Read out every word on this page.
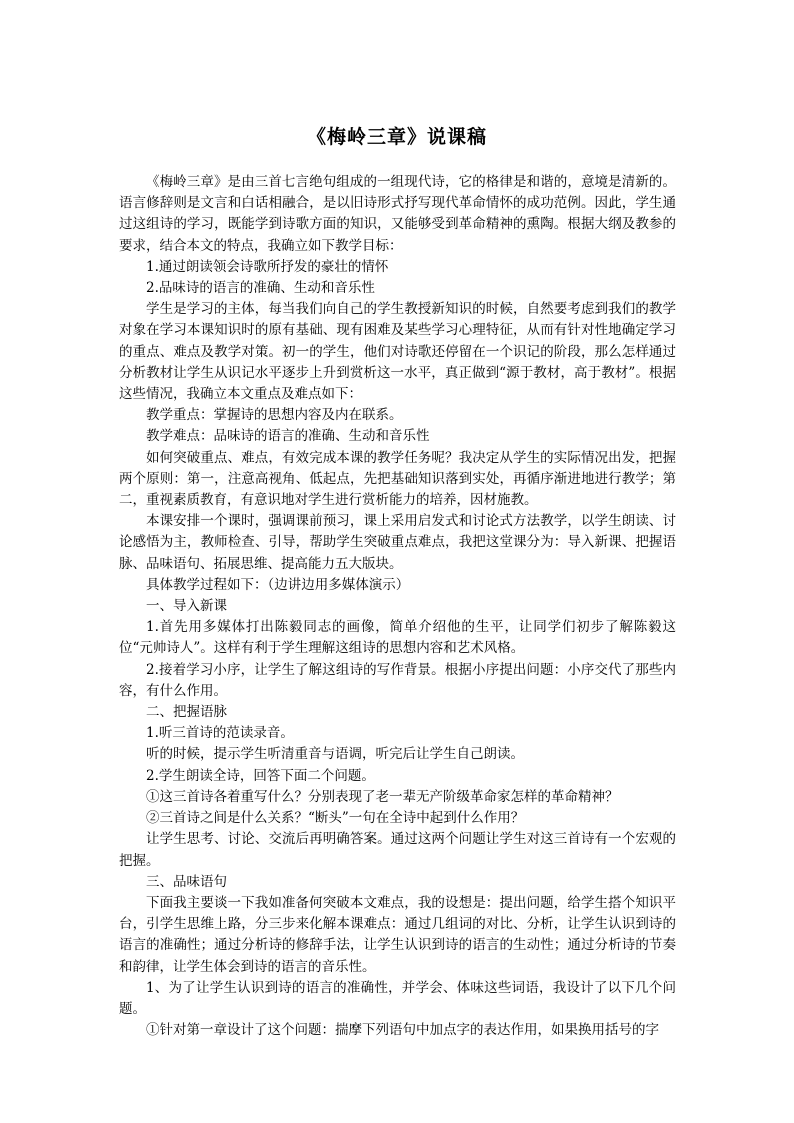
《梅岭三章》说课稿

《梅岭三章》是由三首七言绝句组成的一组现代诗，它的格律是和谐的，意境是清新的。语言修辞则是文言和白话相融合，是以旧诗形式抒写现代革命情怀的成功范例。因此，学生通过这组诗的学习，既能学到诗歌方面的知识，又能够受到革命精神的熏陶。根据大纲及教参的要求，结合本文的特点，我确立如下教学目标：

1.通过朗读领会诗歌所抒发的豪壮的情怀

2.品味诗的语言的准确、生动和音乐性

学生是学习的主体，每当我们向自己的学生教授新知识的时候，自然要考虑到我们的教学对象在学习本课知识时的原有基础、现有困难及某些学习心理特征，从而有针对性地确定学习的重点、难点及教学对策。初一的学生，他们对诗歌还停留在一个识记的阶段，那么怎样通过分析教材让学生从识记水平逐步上升到赏析这一水平，真正做到“源于教材，高于教材”。根据这些情况，我确立本文重点及难点如下：

教学重点：掌握诗的思想内容及内在联系。

教学难点：品味诗的语言的准确、生动和音乐性

如何突破重点、难点，有效完成本课的教学任务呢？我决定从学生的实际情况出发，把握两个原则：第一，注意高视角、低起点，先把基础知识落到实处，再循序渐进地进行教学；第二，重视素质教育，有意识地对学生进行赏析能力的培养，因材施教。

本课安排一个课时，强调课前预习，课上采用启发式和讨论式方法教学，以学生朗读、讨论感悟为主，教师检查、引导，帮助学生突破重点难点，我把这堂课分为：导入新课、把握语脉、品味语句、拓展思维、提高能力五大版块。

具体教学过程如下：（边讲边用多媒体演示）

一、导入新课

1.首先用多媒体打出陈毅同志的画像，简单介绍他的生平，让同学们初步了解陈毅这位“元帅诗人”。这样有利于学生理解这组诗的思想内容和艺术风格。

2.接着学习小序，让学生了解这组诗的写作背景。根据小序提出问题：小序交代了那些内容，有什么作用。

二、把握语脉

1.听三首诗的范读录音。

听的时候，提示学生听清重音与语调，听完后让学生自己朗读。

2.学生朗读全诗，回答下面二个问题。

①这三首诗各着重写什么？分别表现了老一辈无产阶级革命家怎样的革命精神？

②三首诗之间是什么关系？“断头”一句在全诗中起到什么作用？

让学生思考、讨论、交流后再明确答案。通过这两个问题让学生对这三首诗有一个宏观的把握。

三、品味语句

下面我主要谈一下我如准备何突破本文难点，我的设想是：提出问题，给学生搭个知识平台，引学生思维上路，分三步来化解本课难点：通过几组词的对比、分析，让学生认识到诗的语言的准确性；通过分析诗的修辞手法，让学生认识到诗的语言的生动性；通过分析诗的节奏和韵律，让学生体会到诗的语言的音乐性。

1、为了让学生认识到诗的语言的准确性，并学会、体味这些词语，我设计了以下几个问题。

①针对第一章设计了这个问题：揣摩下列语句中加点字的表达作用，如果换用括号的字
